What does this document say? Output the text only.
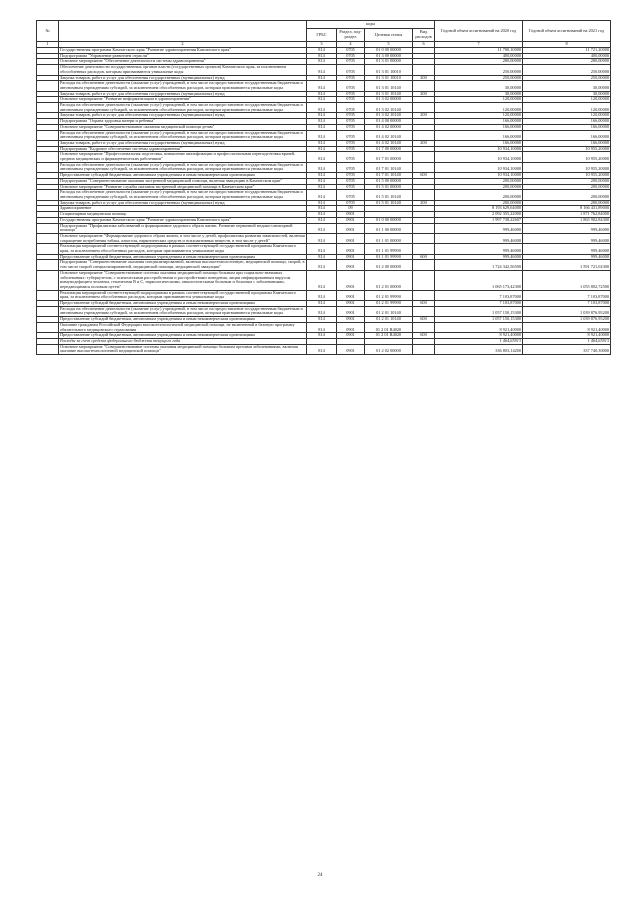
№		коды				Годовой объем ассигнований на 2020 год	Годовой объем ассигнований на 2021 год
		ГРБС	Раздел, под-раздел	Целевая статья	Вид расходов		
1	2	3	4	5	6	7	8
	Государственная программа Камчатского края "Развитие здравоохранения Камчатского края"	814	0705	01 0 00 00000		11 700,10000	11 721,20000
	Подпрограмма "Управление развитием отрасли"	814	0705	01 3 00 00000		400,00000	400,00000
	Основное мероприятие "Обеспечение деятельности системы здравоохранения"	814	0705	01 3 01 00000		280,00000	280,00000
	Обеспечение деятельности государственных органов власти (государственных органов) Камчатского края, за исключением обособленных расходов, которым присваиваются уникальные коды	814	0705	01 3 01 10010		250,00000	250,00000
	Закупка товаров, работ и услуг для обеспечения государственных (муниципальных) нужд	814	0705	01 3 01 10010	200	250,00000	250,00000
	Расходы на обеспечение деятельности (оказание услуг) учреждений, в том числе на предоставление государственным бюджетным и автономным учреждениям субсидий, за исключением обособленных расходов, которым присваиваются уникальные коды	814	0705	01 3 01 10140		30,00000	30,00000
	Закупка товаров, работ и услуг для обеспечения государственных (муниципальных) нужд	814	0705	01 3 01 10140	200	30,00000	30,00000
	Основное мероприятие "Развитие информатизации в здравоохранении"	814	0705	01 3 02 00000		120,00000	120,00000
	Расходы на обеспечение деятельности (оказание услуг) учреждений, в том числе на предоставление государственным бюджетным и автономным учреждениям субсидий, за исключением обособленных расходов, которым присваиваются уникальные коды	814	0705	01 3 02 10140		120,00000	120,00000
	Закупка товаров, работ и услуг для обеспечения государственных (муниципальных) нужд	814	0705	01 3 02 10140	200	120,00000	120,00000
	Подпрограмма "Охрана здоровья матери и ребенка"	814	0705	01 4 00 00000		166,00000	166,00000
	Основное мероприятие "Совершенствование оказания медицинской помощи детям"	814	0705	01 4 02 00000		166,00000	166,00000
	Расходы на обеспечение деятельности (оказание услуг) учреждений, в том числе на предоставление государственным бюджетным и автономным учреждениям субсидий, за исключением обособленных расходов, которым присваиваются уникальные коды	814	0705	01 4 02 10140		166,00000	166,00000
	Закупка товаров, работ и услуг для обеспечения государственных (муниципальных) нужд	814	0705	01 4 02 10140	200	166,00000	166,00000
	Подпрограмма "Кадровое обеспечение системы здравоохранения"	814	0705	01 7 00 00000		10 934,10000	10 955,20000
	Основное мероприятие "Профессиональная подготовка, повышение квалификации и профессиональная переподготовка врачей, средних медицинских и фармацевтических работников"	814	0705	01 7 01 00000		10 934,10000	10 955,20000
	Расходы на обеспечение деятельности (оказание услуг) учреждений, в том числе на предоставление государственным бюджетным и автономным учреждениям субсидий, за исключением обособленных расходов, которым присваиваются уникальные коды	814	0705	01 7 01 10140		10 934,10000	10 955,20000
	Предоставление субсидий бюджетным, автономным учреждениям и иным некоммерческим организациям	814	0705	01 7 01 10140	600	10 934,10000	10 955,20000
	Подпрограмма "Совершенствование оказания экстренной медицинской помощи, включая эвакуацию в Камчатском крае"	814	0705	01 5 00 00000		200,00000	200,00000
	Основное мероприятие "Развитие службы оказания экстренной медицинской помощи в Камчатском крае"	814	0705	01 5 01 00000		200,00000	200,00000
	Расходы на обеспечение деятельности (оказание услуг) учреждений, в том числе на предоставление государственным бюджетным и автономным учреждениям субсидий, за исключением обособленных расходов, которым присваиваются уникальные коды	814	0705	01 5 01 10140		200,00000	200,00000
	Закупка товаров, работ и услуг для обеспечения государственных (муниципальных) нужд	814	0705	01 5 01 10140	200	200,00000	200,00000
	Здравоохранение	814	09			8 193 629,64000	8 166 431,89000
	Стационарная медицинская помощь	814	0901			2 092 355,22000	1 871 762,84000
	Государственная программа Камчатского края "Развитие здравоохранения Камчатского края"	814	0901	01 0 00 00000		1 997 738,22607	1 865 902,84300
	Подпрограмма "Профилактика заболеваний и формирование здорового образа жизни. Развитие первичной медико-санитарной помощи"	814	0901	01 1 00 00000		999,46000	999,46000
	Основное мероприятие "Формирование здорового образа жизни, в том числе у детей, профилактика развития зависимостей, включая сокращение потребления табака, алкоголя, наркотических средств и психоактивных веществ, в том числе у детей"	814	0901	01 1 01 00000		999,46000	999,46000
	Реализация мероприятий соответствующей подпрограммы в рамках соответствующей государственной программы Камчатского края, за исключением обособленных расходов, которым присваиваются уникальные коды	814	0901	01 1 01 99990		999,46000	999,46000
	Предоставление субсидий бюджетным, автономным учреждениям и иным некоммерческим организациям	814	0901	01 1 01 99990	600	999,46000	999,46000
	Подпрограмма "Совершенствование оказания специализированной, включая высокотехнологичную, медицинской помощи, скорой, в том числе скорой специализированной, медицинской помощи, медицинской эвакуации"	814	0901	01 2 00 00000		1 724 342,56500	1 591 721,02300
	Основное мероприятие "Совершенствование системы оказания медицинской помощи больным при социально-значимых заболеваниях: туберкулезом, с психическими расстройствами и расстройствами поведения, лицам инфицированным вирусом иммунодефицита человека, гепатитами B и C, наркологическими, онкологическими больным и больным с заболеваниями, передающимися половым путем"	814	0901	01 2 01 00000		1 065 173,42300	1 055 802,72500
	Реализация мероприятий соответствующей подпрограммы в рамках соответствующей государственной программы Камчатского края, за исключением обособленных расходов, которым присваиваются уникальные коды	814	0901	01 2 01 99990		7 103,87000	7 103,87000
	Предоставление субсидий бюджетным, автономным учреждениям и иным некоммерческим организациям	814	0901	01 2 01 99990	600	7 103,87000	7 103,87000
	Расходы на обеспечение деятельности (оказание услуг) учреждений, в том числе на предоставление государственным бюджетным и автономным учреждениям субсидий, за исключением обособленных расходов, которым присваиваются уникальные коды	814	0901	01 2 01 10140		1 057 150,15300	1 039 876,95200
	Предоставление субсидий бюджетным, автономным учреждениям и иным некоммерческим организациям	814	0901	01 2 01 10140	600	1 057 150,15300	1 039 876,95200
	Оказание гражданам Российской Федерации высокотехнологичной медицинской помощи, не включенной в базовую программу обязательного медицинского страхования	814	0901	01 2 01 R4020		8 921,40000	8 921,40000
	Предоставление субсидий бюджетным, автономным учреждениям и иным некоммерческим организациям	814	0901	01 2 01 R4020	600	8 921,40000	8 921,40000
	Расходы за счет средств федерального бюджета текущего года					1 464,65913	1 464,65913
	Основное мероприятие "Совершенствование системы оказания медицинской помощи больным прочими заболеваниями, включая оказание высокотехнологичной медицинской помощи"	814	0901	01 2 02 00000		336 803,14200	337 740,30000
24
